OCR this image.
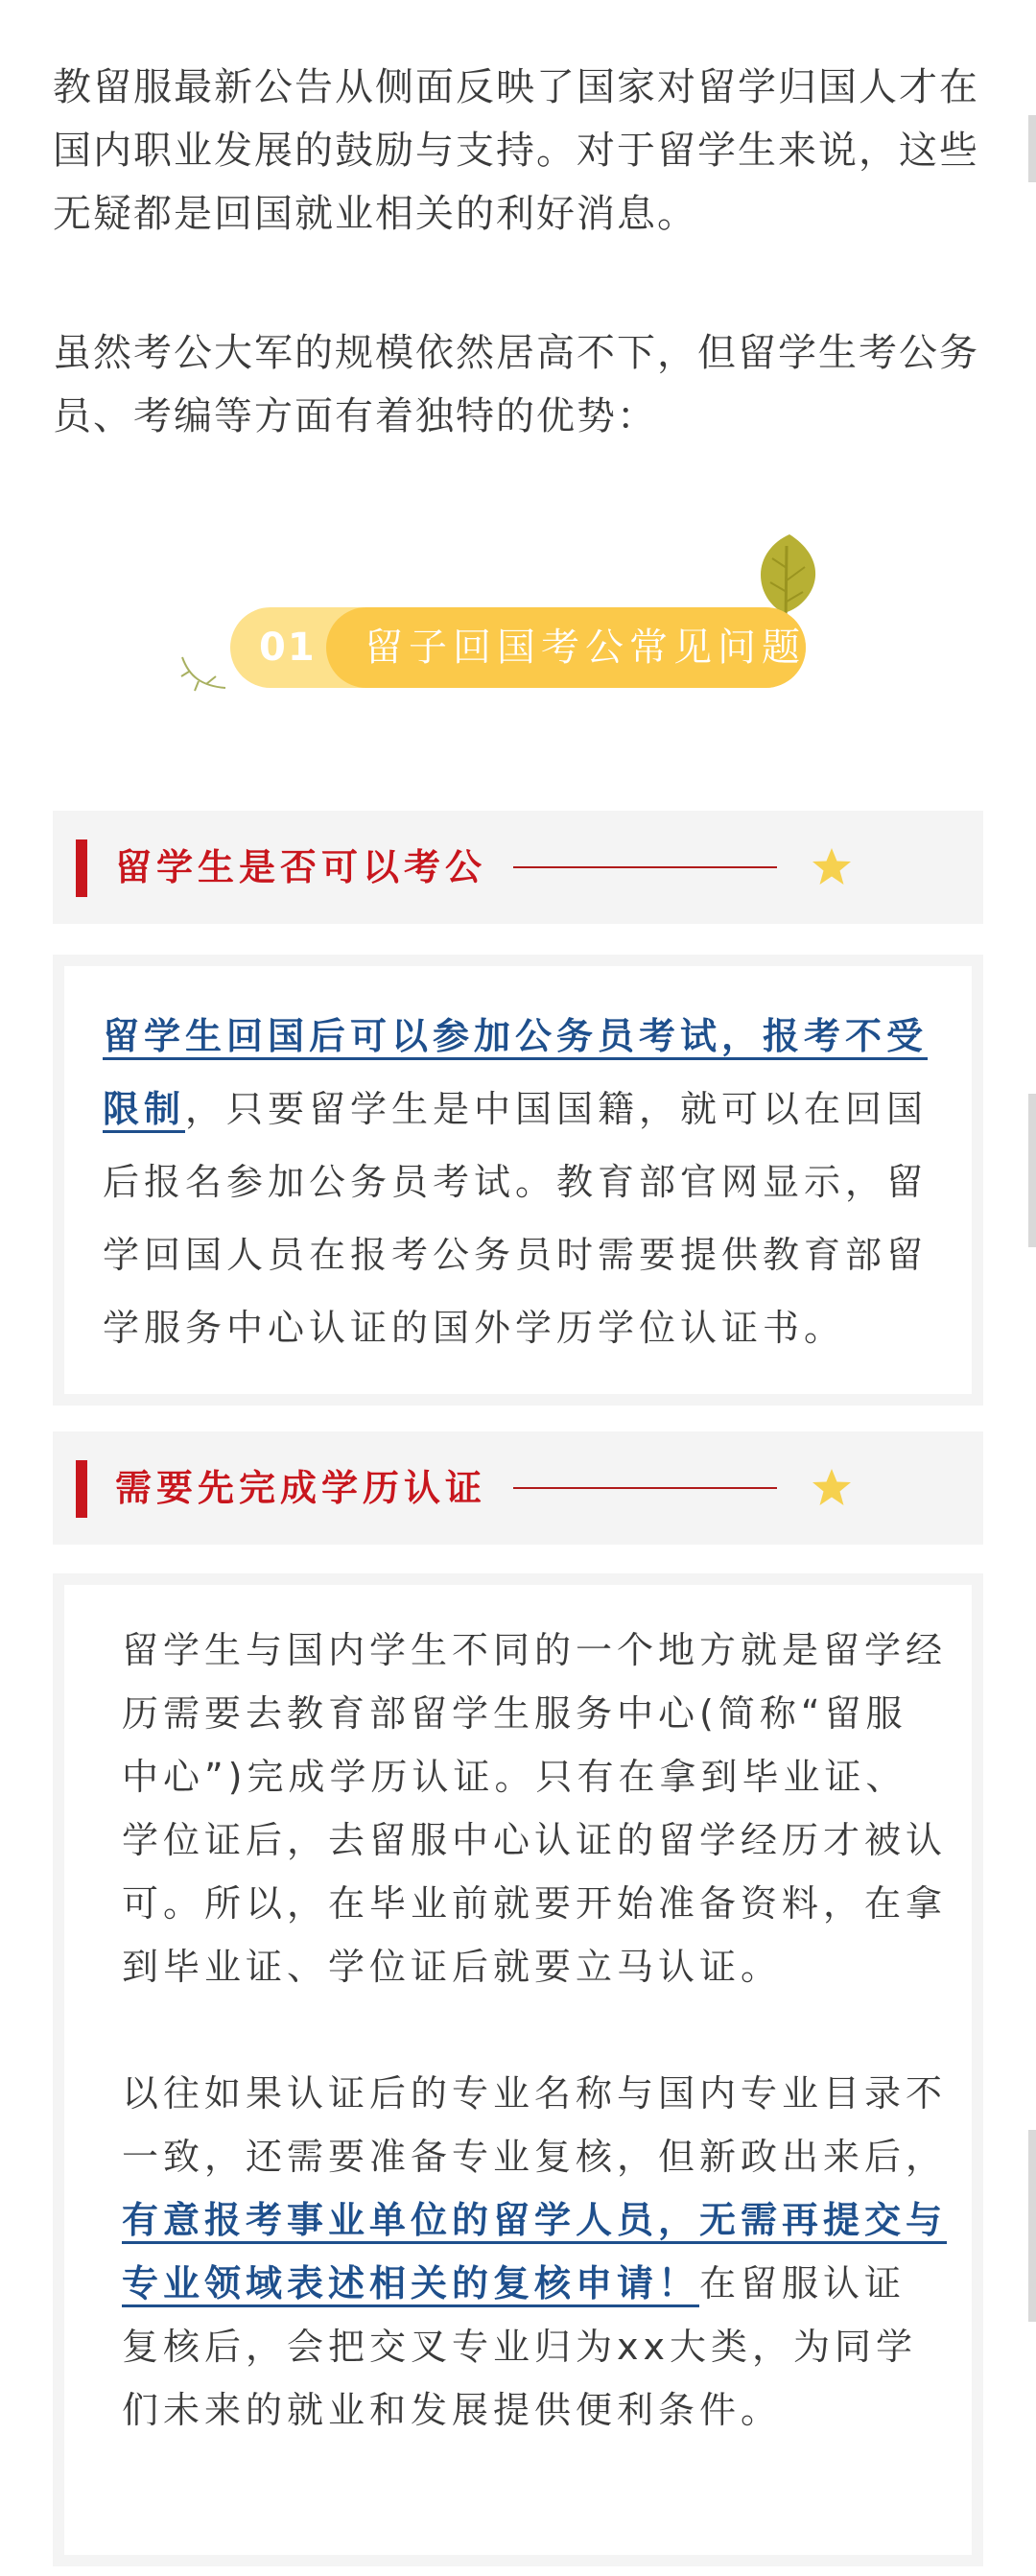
教留服最新公告从侧面反映了国家对留学归国人才在国内职业发展的鼓励与支持。对于留学生来说，这些无疑都是回国就业相关的利好消息。

虽然考公大军的规模依然居高不下，但留学生考公务员、考编等方面有着独特的优势：

01 留子回国考公常见问题
留学生是否可以考公

留学生回国后可以参加公务员考试，报考不受限制，只要留学生是中国国籍，就可以在回国后报名参加公务员考试。教育部官网显示，留学回国人员在报考公务员时需要提供教育部留学服务中心认证的国外学历学位认证书。

需要先完成学历认证

留学生与国内学生不同的一个地方就是留学经历需要去教育部留学生服务中心(简称“留服中心”)完成学历认证。只有在拿到毕业证、学位证后，去留服中心认证的留学经历才被认可。所以，在毕业前就要开始准备资料，在拿到毕业证、学位证后就要立马认证。

以往如果认证后的专业名称与国内专业目录不一致，还需要准备专业复核，但新政出来后，有意报考事业单位的留学人员，无需再提交与专业领域表述相关的复核申请！在留服认证复核后，会把交叉专业归为xx大类，为同学们未来的就业和发展提供便利条件。
